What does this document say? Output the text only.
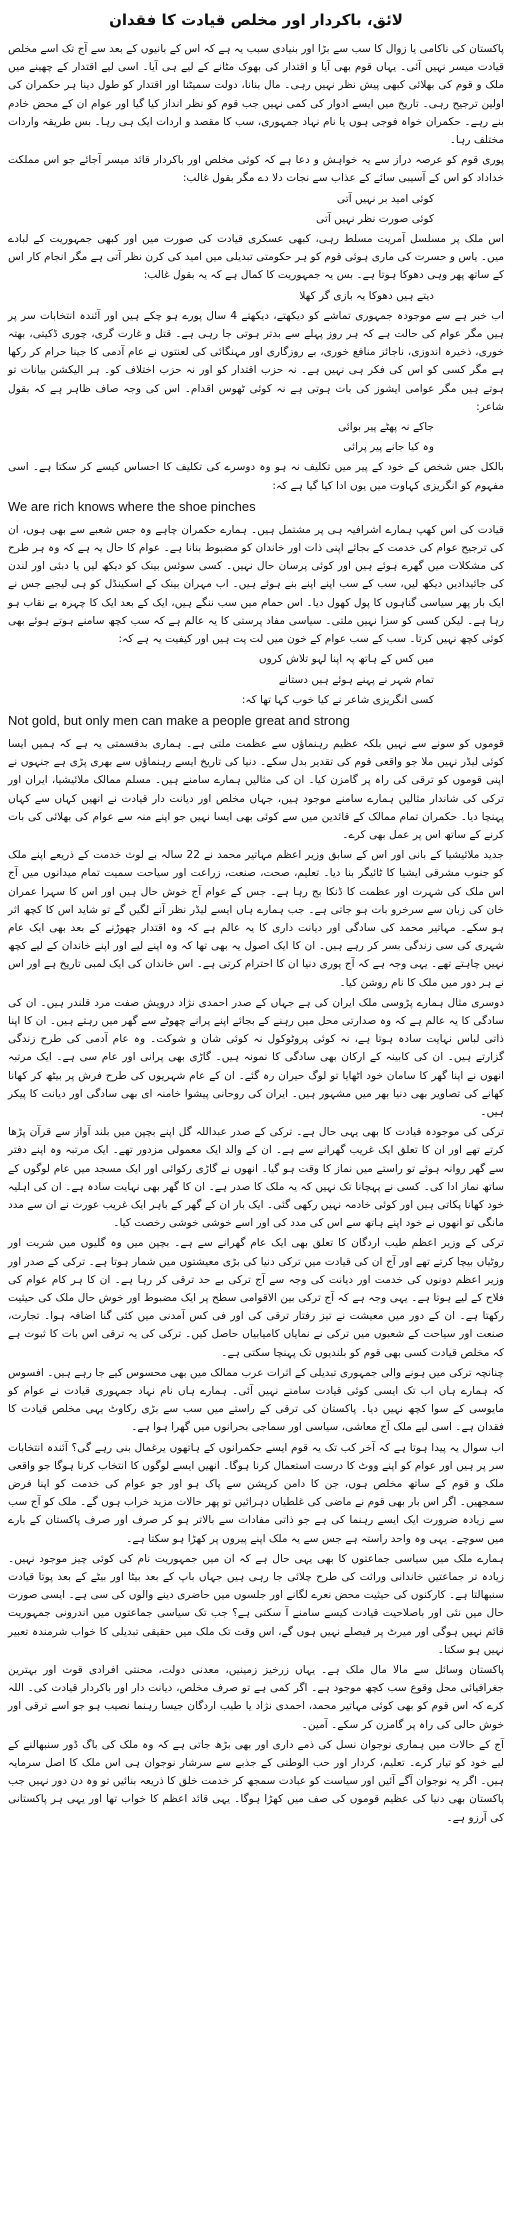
لائق، باکردار اور مخلص قیادت کا فقدان
پاکستان کی ناکامی یا زوال کا سب سے بڑا اور بنیادی سبب یہ ہے کہ اس کے بانیوں کے بعد سے آج تک اسے مخلص قیادت میسر نہیں آئی۔ یہاں قوم بھی آیا و اقتدار کی بھوک مٹانے کے لیے ہی آیا۔ اسی لیے اقتدار کے چھینے میں ملک و قوم کی بھلائی کبھی پیش نظر نہیں رہی۔ مال بنانا، دولت سمیٹنا اور اقتدار کو طول دینا ہر حکمران کی اولین ترجیح رہی۔ تاریخ میں ایسے ادوار کی کمی نہیں جب قوم کو نظر انداز کیا گیا اور عوام ان کے محض خادم بنے رہے۔ حکمران خواہ فوجی ہوں یا نام نہاد جمہوری، سب کا مقصد و اردات ایک ہی رہا۔ بس طریقہ واردات مختلف رہا۔
پوری قوم کو عرصہ دراز سے یہ خواہش و دعا ہے کہ کوئی مخلص اور باکردار قائد میسر آجائے جو اس مملکت خداداد کو اس کے آسیبی سائے کے عذاب سے نجات دلا دے مگر بقول غالب:
کوئی امید بر نہیں آتی
کوئی صورت نظر نہیں آتی
اس ملک پر مسلسل آمریت مسلط رہی، کبھی عسکری قیادت کی صورت میں اور کبھی جمہوریت کے لبادے میں۔ یاس و حسرت کی ماری ہوئی قوم کو ہر حکومتی تبدیلی میں امید کی کرن نظر آتی ہے مگر انجام کار اس کے ساتھ پھر وہی دھوکا ہوتا ہے۔ بس یہ جمہوریت کا کمال ہے کہ یہ بقول غالب:
دیتے ہیں دھوکا یہ بازی گر کھلا
اب خبر ہے سے موجودہ جمہوری تماشے کو دیکھتے، دیکھتے 4 سال پورے ہو چکے ہیں اور آئندہ انتخابات سر پر ہیں مگر عوام کی حالت ہے کہ ہر روز پہلے سے بدتر ہوتی جا رہی ہے۔ قتل و غارت گری، چوری ڈکیتی، بھتہ خوری، ذخیرہ اندوزی، ناجائز منافع خوری، بے روزگاری اور مہنگائی کی لعنتوں نے عام آدمی کا جینا حرام کر رکھا ہے مگر کسی کو اس کی فکر ہی نہیں ہے۔ نہ حزب اقتدار کو اور نہ حزب اختلاف کو۔ ہر الیکشن بیانات تو ہوتے ہیں مگر عوامی ایشوز کی بات ہوتی ہے نہ کوئی ٹھوس اقدام۔ اس کی وجہ صاف ظاہر ہے کہ بقول شاعر:
جاکے نہ پھٹے پیر بوائی
وہ کیا جانے پیر پرائی
بالکل جس شخص کے خود کے پیر میں تکلیف نہ ہو وہ دوسرے کی تکلیف کا احساس کیسے کر سکتا ہے۔ اسی مفہوم کو انگریزی کہاوت میں یوں ادا کیا گیا ہے کہ:
We are rich knows where the shoe pinches
قیادت کی اس کھپ ہمارے اشرافیہ ہی پر مشتمل ہیں۔ ہمارے حکمران چاہے وہ جس شعبے سے بھی ہوں، ان کی ترجیح عوام کی خدمت کے بجائے اپنی ذات اور خاندان کو مضبوط بنانا ہے۔ عوام کا حال یہ ہے کہ وہ ہر طرح کی مشکلات میں گھرے ہوئے ہیں اور کوئی پرسان حال نہیں۔ کسی سوئس بینک کو دیکھ لیں یا دبئی اور لندن کی جائیدادیں دیکھ لیں، سب کے سب اپنے اپنے بنے ہوئے ہیں۔ اب مہران بینک کے اسکینڈل کو ہی لیجیے جس نے ایک بار پھر سیاسی گناہوں کا پول کھول دیا۔ اس حمام میں سب ننگے ہیں، ایک کے بعد ایک کا چہرہ بے نقاب ہو رہا ہے۔ لیکن کسی کو سزا نہیں ملتی۔ سیاسی مفاد پرستی کا یہ عالم ہے کہ سب کچھ سامنے ہوتے ہوئے بھی کوئی کچھ نہیں کرتا۔ سب کے سب عوام کے خون میں لت پت ہیں اور کیفیت یہ ہے کہ:
میں کس کے ہاتھ پہ اپنا لہو تلاش کروں
تمام شہر نے پہنے ہوئے ہیں دستانے
کسی انگریزی شاعر نے کیا خوب کہا تھا کہ:
Not gold, but only men can make a people great and strong
قوموں کو سونے سے نہیں بلکہ عظیم رہنماؤں سے عظمت ملتی ہے۔ ہماری بدقسمتی یہ ہے کہ ہمیں ایسا کوئی لیڈر نہیں ملا جو واقعی قوم کی تقدیر بدل سکے۔ دنیا کی تاریخ ایسے رہنماؤں سے بھری پڑی ہے جنہوں نے اپنی قوموں کو ترقی کی راہ پر گامزن کیا۔ ان کی مثالیں ہمارے سامنے ہیں۔ مسلم ممالک ملائیشیا، ایران اور ترکی کی شاندار مثالیں ہمارے سامنے موجود ہیں، جہاں مخلص اور دیانت دار قیادت نے انھیں کہاں سے کہاں پہنچا دیا۔ حکمران تمام ممالک کے قائدین میں سے کوئی بھی ایسا نہیں جو اپنے منہ سے عوام کی بھلائی کی بات کرنے کے ساتھ اس پر عمل بھی کرے۔
جدید ملائیشیا کے بانی اور اس کے سابق وزیر اعظم مہاتیر محمد نے 22 سالہ بے لوث خدمت کے ذریعے اپنے ملک کو جنوب مشرقی ایشیا کا ٹائیگر بنا دیا۔ تعلیم، صحت، صنعت، زراعت اور سیاحت سمیت تمام میدانوں میں آج اس ملک کی شہرت اور عظمت کا ڈنکا بج رہا ہے۔ جس کے عوام آج خوش حال ہیں اور اس کا سہرا عمران خان کی زبان سے سرخرو بات ہو جاتی ہے۔ جب ہمارے ہاں ایسے لیڈر نظر آنے لگیں گے تو شاید اس کا کچھ اثر ہو سکے۔ مہاتیر محمد کی سادگی اور دیانت داری کا یہ عالم ہے کہ وہ اقتدار چھوڑنے کے بعد بھی ایک عام شہری کی سی زندگی بسر کر رہے ہیں۔ ان کا ایک اصول یہ بھی تھا کہ وہ اپنے لیے اور اپنے خاندان کے لیے کچھ نہیں چاہتے تھے۔ یہی وجہ ہے کہ آج پوری دنیا ان کا احترام کرتی ہے۔ اس خاندان کی ایک لمبی تاریخ ہے اور اس نے ہر دور میں ملک کا نام روشن کیا۔
دوسری مثال ہمارے پڑوسی ملک ایران کی ہے جہاں کے صدر احمدی نژاد درویش صفت مرد قلندر ہیں۔ ان کی سادگی کا یہ عالم ہے کہ وہ صدارتی محل میں رہنے کے بجائے اپنے پرانے چھوٹے سے گھر میں رہتے ہیں۔ ان کا اپنا ذاتی لباس نہایت سادہ ہوتا ہے، نہ کوئی پروٹوکول نہ کوئی شان و شوکت۔ وہ عام آدمی کی طرح زندگی گزارتے ہیں۔ ان کی کابینہ کے ارکان بھی سادگی کا نمونہ ہیں۔ گاڑی بھی پرانی اور عام سی ہے۔ ایک مرتبہ انھوں نے اپنا گھر کا سامان خود اٹھایا تو لوگ حیران رہ گئے۔ ان کے عام شہریوں کی طرح فرش پر بیٹھ کر کھانا کھانے کی تصاویر بھی دنیا بھر میں مشہور ہیں۔ ایران کی روحانی پیشوا خامنہ ای بھی سادگی اور دیانت کا پیکر ہیں۔
ترکی کی موجودہ قیادت کا بھی یہی حال ہے۔ ترکی کے صدر عبداللہ گل اپنے بچپن میں بلند آواز سے قرآن پڑھا کرتے تھے اور ان کا تعلق ایک غریب گھرانے سے ہے۔ ان کے والد ایک معمولی مزدور تھے۔ ایک مرتبہ وہ اپنے دفتر سے گھر روانہ ہوئے تو راستے میں نماز کا وقت ہو گیا۔ انھوں نے گاڑی رکوائی اور ایک مسجد میں عام لوگوں کے ساتھ نماز ادا کی۔ کسی نے پہچانا تک نہیں کہ یہ ملک کا صدر ہے۔ ان کا گھر بھی نہایت سادہ ہے۔ ان کی اہلیہ خود کھانا پکاتی ہیں اور کوئی خادمہ نہیں رکھی گئی۔ ایک بار ان کے گھر کے باہر ایک غریب عورت نے ان سے مدد مانگی تو انھوں نے خود اپنے ہاتھ سے اس کی مدد کی اور اسے خوشی خوشی رخصت کیا۔
ترکی کے وزیر اعظم طیب اردگان کا تعلق بھی ایک عام گھرانے سے ہے۔ بچپن میں وہ گلیوں میں شربت اور روٹیاں بیچا کرتے تھے اور آج ان کی قیادت میں ترکی دنیا کی بڑی معیشتوں میں شمار ہوتا ہے۔ ترکی کے صدر اور وزیر اعظم دونوں کی خدمت اور دیانت کی وجہ سے آج ترکی بے حد ترقی کر رہا ہے۔ ان کا ہر کام عوام کی فلاح کے لیے ہوتا ہے۔ یہی وجہ ہے کہ آج ترکی بین الاقوامی سطح پر ایک مضبوط اور خوش حال ملک کی حیثیت رکھتا ہے۔ ان کے دور میں معیشت نے تیز رفتار ترقی کی اور فی کس آمدنی میں کئی گنا اضافہ ہوا۔ تجارت، صنعت اور سیاحت کے شعبوں میں ترکی نے نمایاں کامیابیاں حاصل کیں۔ ترکی کی یہ ترقی اس بات کا ثبوت ہے کہ مخلص قیادت کسی بھی قوم کو بلندیوں تک پہنچا سکتی ہے۔
چنانچہ ترکی میں ہونے والی جمہوری تبدیلی کے اثرات عرب ممالک میں بھی محسوس کیے جا رہے ہیں۔ افسوس کہ ہمارے ہاں اب تک ایسی کوئی قیادت سامنے نہیں آئی۔ ہمارے ہاں نام نہاد جمہوری قیادت نے عوام کو مایوسی کے سوا کچھ نہیں دیا۔ پاکستان کی ترقی کے راستے میں سب سے بڑی رکاوٹ یہی مخلص قیادت کا فقدان ہے۔ اسی لیے ملک آج معاشی، سیاسی اور سماجی بحرانوں میں گھرا ہوا ہے۔
اب سوال یہ پیدا ہوتا ہے کہ آخر کب تک یہ قوم ایسے حکمرانوں کے ہاتھوں یرغمال بنی رہے گی؟ آئندہ انتخابات سر پر ہیں اور عوام کو اپنے ووٹ کا درست استعمال کرنا ہوگا۔ انھیں ایسے لوگوں کا انتخاب کرنا ہوگا جو واقعی ملک و قوم کے ساتھ مخلص ہوں، جن کا دامن کرپشن سے پاک ہو اور جو عوام کی خدمت کو اپنا فرض سمجھیں۔ اگر اس بار بھی قوم نے ماضی کی غلطیاں دہرائیں تو پھر حالات مزید خراب ہوں گے۔ ملک کو آج سب سے زیادہ ضرورت ایک ایسے رہنما کی ہے جو ذاتی مفادات سے بالاتر ہو کر صرف اور صرف پاکستان کے بارے میں سوچے۔ یہی وہ واحد راستہ ہے جس سے یہ ملک اپنے پیروں پر کھڑا ہو سکتا ہے۔
ہمارے ملک میں سیاسی جماعتوں کا بھی یہی حال ہے کہ ان میں جمہوریت نام کی کوئی چیز موجود نہیں۔ زیادہ تر جماعتیں خاندانی وراثت کی طرح چلائی جا رہی ہیں جہاں باپ کے بعد بیٹا اور بیٹے کے بعد پوتا قیادت سنبھالتا ہے۔ کارکنوں کی حیثیت محض نعرے لگانے اور جلسوں میں حاضری دینے والوں کی سی ہے۔ ایسی صورت حال میں نئی اور باصلاحیت قیادت کیسے سامنے آ سکتی ہے؟ جب تک سیاسی جماعتوں میں اندرونی جمہوریت قائم نہیں ہوگی اور میرٹ پر فیصلے نہیں ہوں گے، اس وقت تک ملک میں حقیقی تبدیلی کا خواب شرمندہ تعبیر نہیں ہو سکتا۔
پاکستان وسائل سے مالا مال ملک ہے۔ یہاں زرخیز زمینیں، معدنی دولت، محنتی افرادی قوت اور بہترین جغرافیائی محل وقوع سب کچھ موجود ہے۔ اگر کمی ہے تو صرف مخلص، دیانت دار اور باکردار قیادت کی۔ اللہ کرے کہ اس قوم کو بھی کوئی مہاتیر محمد، احمدی نژاد یا طیب اردگان جیسا رہنما نصیب ہو جو اسے ترقی اور خوش حالی کی راہ پر گامزن کر سکے۔ آمین۔
آج کے حالات میں ہماری نوجوان نسل کی ذمے داری اور بھی بڑھ جاتی ہے کہ وہ ملک کی باگ ڈور سنبھالنے کے لیے خود کو تیار کرے۔ تعلیم، کردار اور حب الوطنی کے جذبے سے سرشار نوجوان ہی اس ملک کا اصل سرمایہ ہیں۔ اگر یہ نوجوان آگے آئیں اور سیاست کو عبادت سمجھ کر خدمت خلق کا ذریعہ بنائیں تو وہ دن دور نہیں جب پاکستان بھی دنیا کی عظیم قوموں کی صف میں کھڑا ہوگا۔ یہی قائد اعظم کا خواب تھا اور یہی ہر پاکستانی کی آرزو ہے۔
